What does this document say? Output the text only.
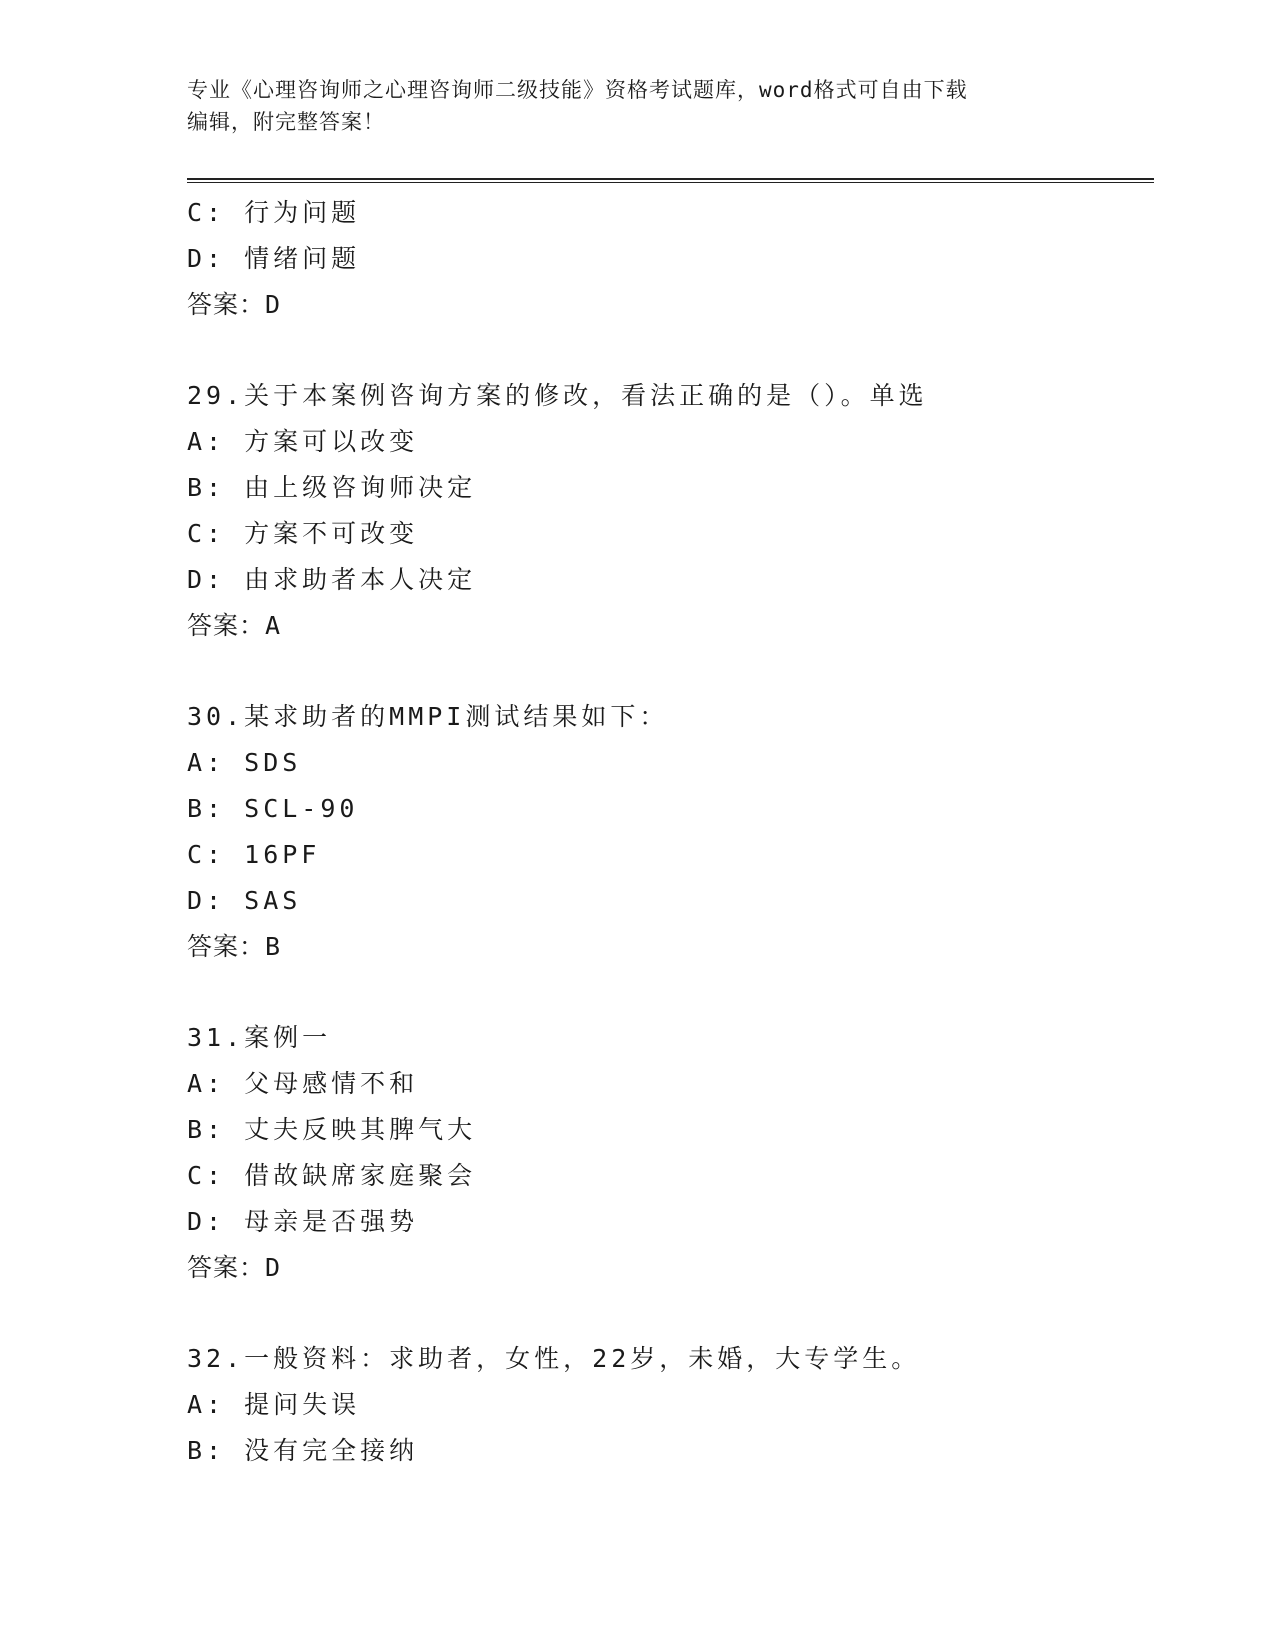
专业《心理咨询师之心理咨询师二级技能》资格考试题库，word格式可自由下载
编辑，附完整答案！
C: 行为问题
D: 情绪问题
答案：D
29.关于本案例咨询方案的修改，看法正确的是（）。单选
A: 方案可以改变
B: 由上级咨询师决定
C: 方案不可改变
D: 由求助者本人决定
答案：A
30.某求助者的MMPI测试结果如下：
A: SDS
B: SCL-90
C: 16PF
D: SAS
答案：B
31.案例一
A: 父母感情不和
B: 丈夫反映其脾气大
C: 借故缺席家庭聚会
D: 母亲是否强势
答案：D
32.一般资料：求助者，女性，22岁，未婚，大专学生。
A: 提问失误
B: 没有完全接纳
